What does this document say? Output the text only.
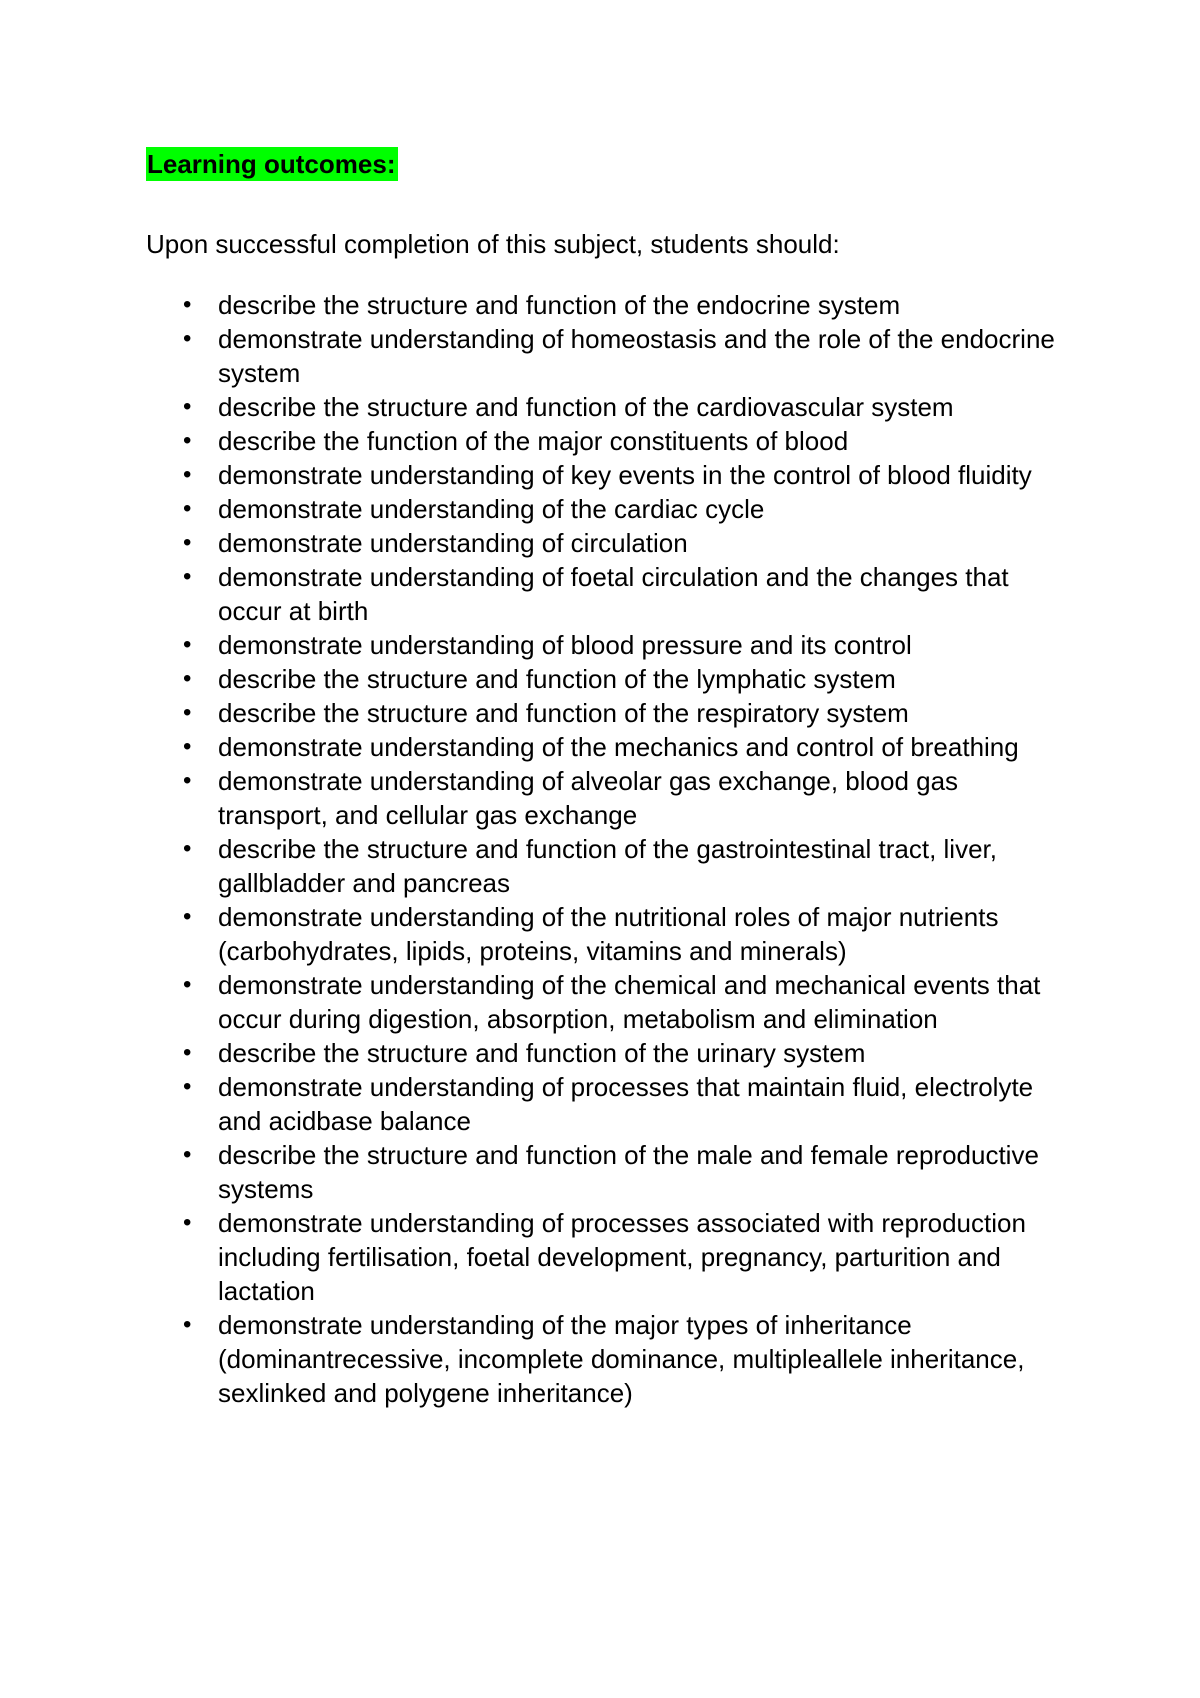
Learning outcomes:
Upon successful completion of this subject, students should:
• describe the structure and function of the endocrine system
• demonstrate understanding of homeostasis and the role of the endocrine system
• describe the structure and function of the cardiovascular system
• describe the function of the major constituents of blood
• demonstrate understanding of key events in the control of blood fluidity
• demonstrate understanding of the cardiac cycle
• demonstrate understanding of circulation
• demonstrate understanding of foetal circulation and the changes that occur at birth
• demonstrate understanding of blood pressure and its control
• describe the structure and function of the lymphatic system
• describe the structure and function of the respiratory system
• demonstrate understanding of the mechanics and control of breathing
• demonstrate understanding of alveolar gas exchange, blood gas transport, and cellular gas exchange
• describe the structure and function of the gastrointestinal tract, liver, gallbladder and pancreas
• demonstrate understanding of the nutritional roles of major nutrients (carbohydrates, lipids, proteins, vitamins and minerals)
• demonstrate understanding of the chemical and mechanical events that occur during digestion, absorption, metabolism and elimination
• describe the structure and function of the urinary system
• demonstrate understanding of processes that maintain fluid, electrolyte and acidbase balance
• describe the structure and function of the male and female reproductive systems
• demonstrate understanding of processes associated with reproduction including fertilisation, foetal development, pregnancy, parturition and lactation
• demonstrate understanding of the major types of inheritance (dominantrecessive, incomplete dominance, multipleallele inheritance, sexlinked and polygene inheritance)
